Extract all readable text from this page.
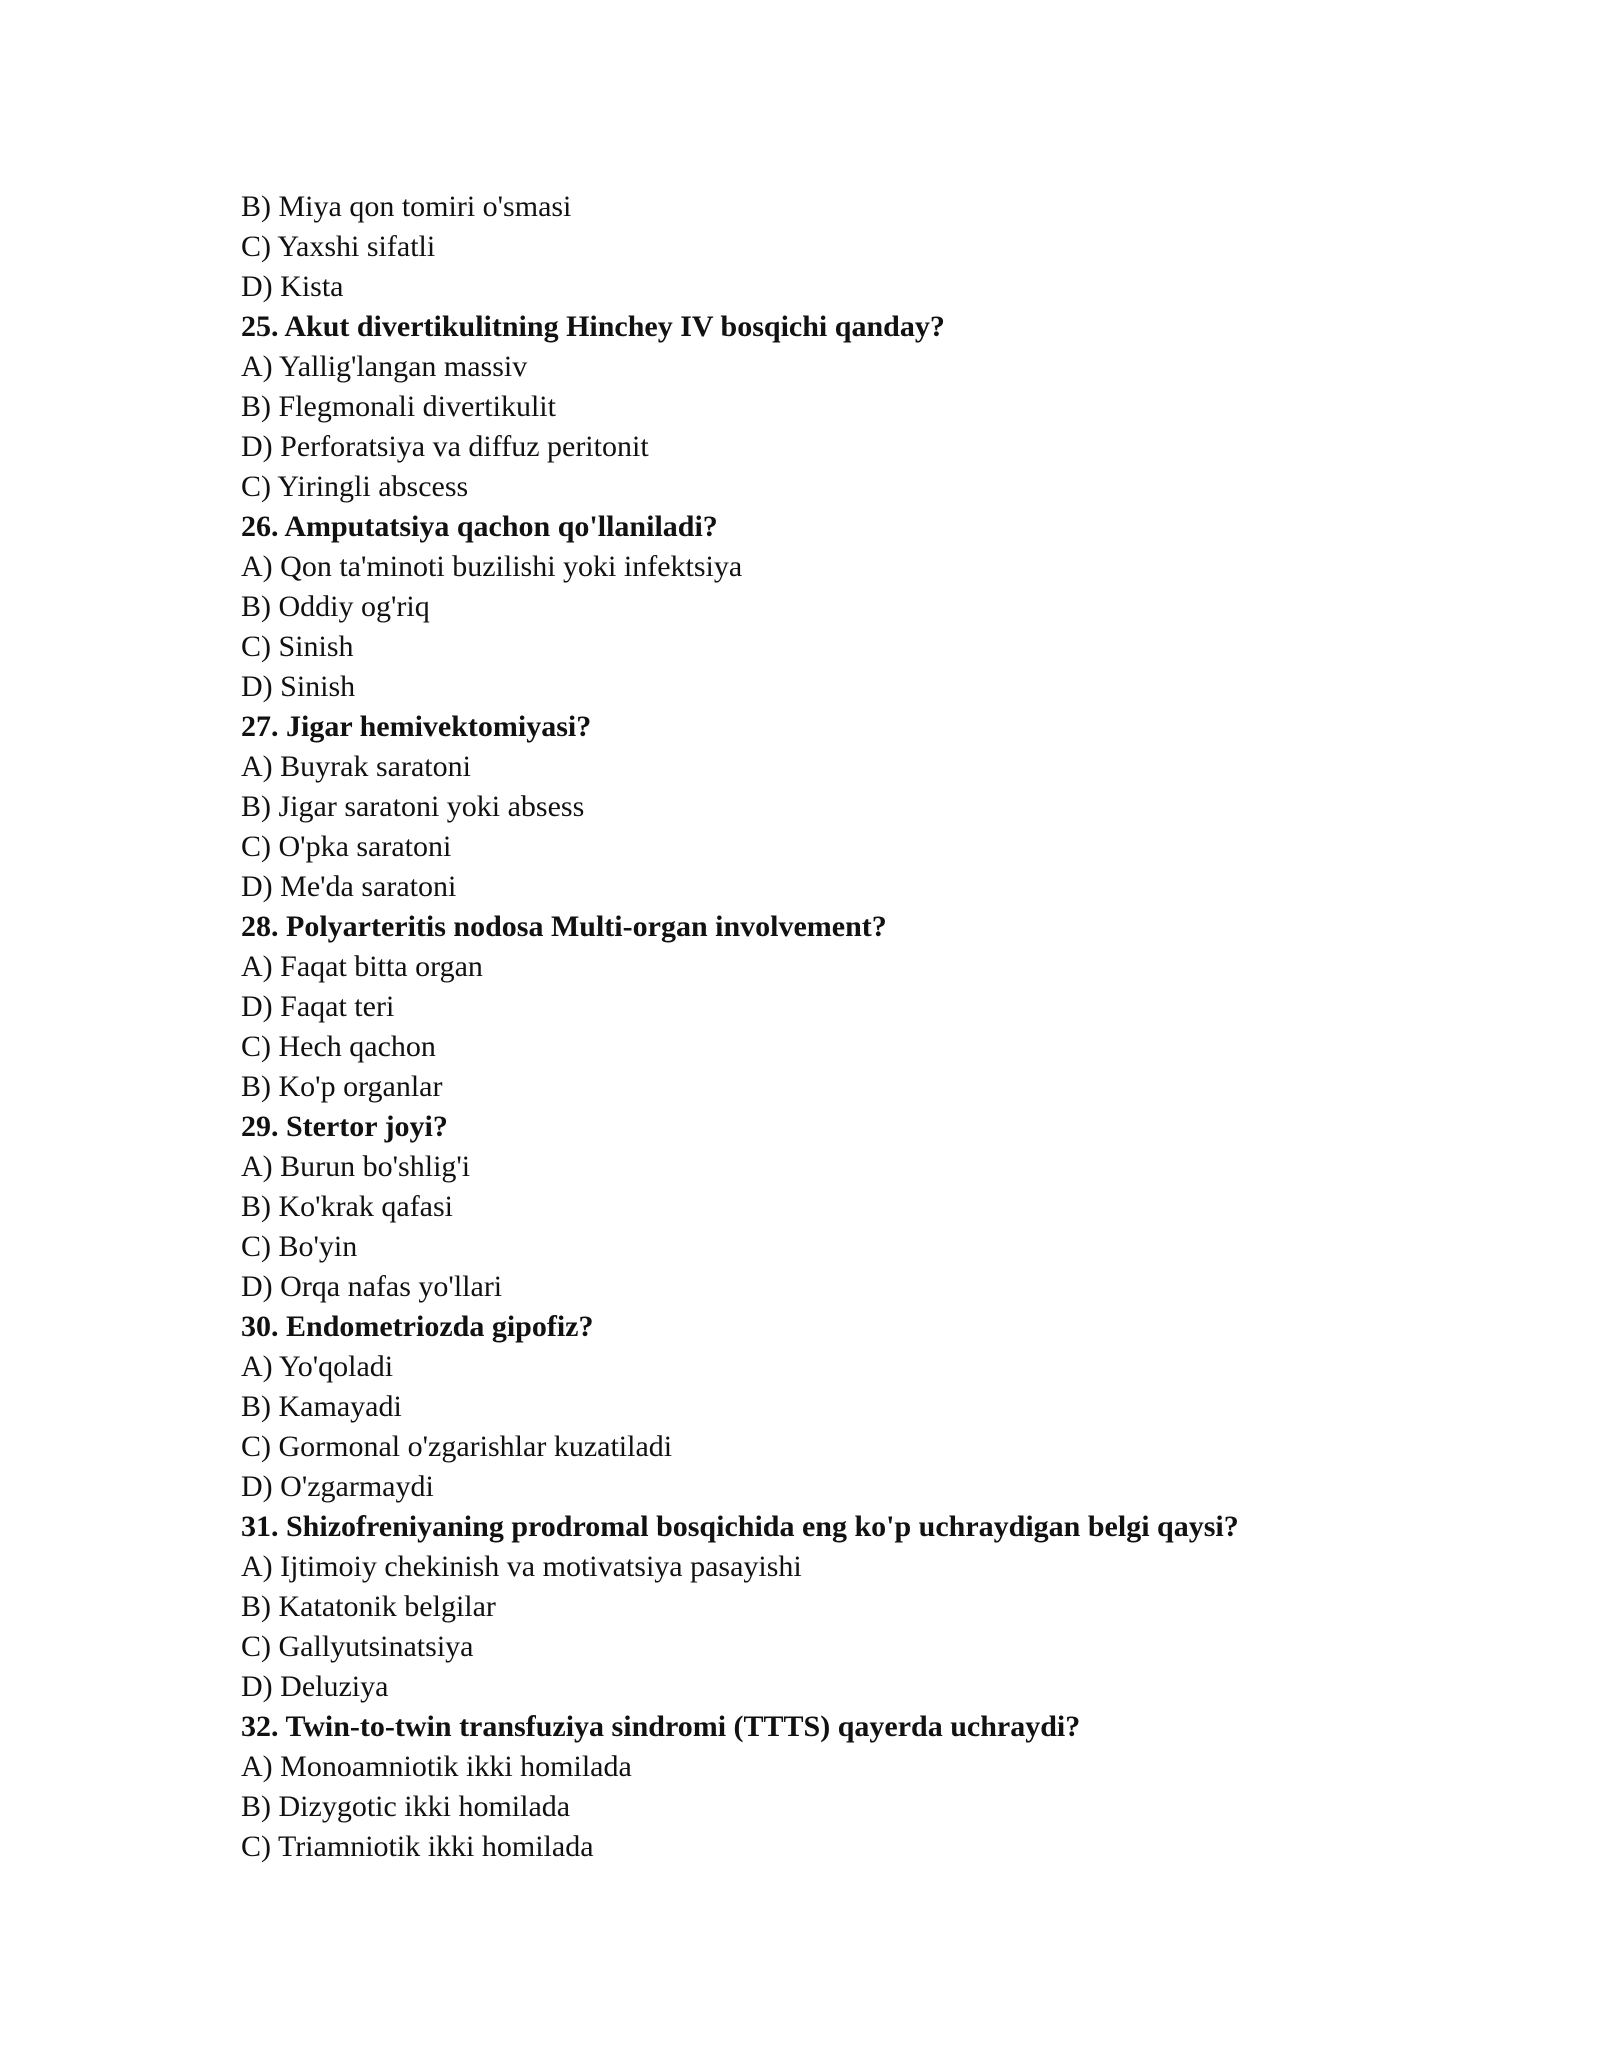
B) Miya qon tomiri o'smasi
C) Yaxshi sifatli
D) Kista
25. Akut divertikulitning Hinchey IV bosqichi qanday?
A) Yallig'langan massiv
B) Flegmonali divertikulit
D) Perforatsiya va diffuz peritonit
C) Yiringli abscess
26. Amputatsiya qachon qo'llaniladi?
A) Qon ta'minoti buzilishi yoki infektsiya
B) Oddiy og'riq
C) Sinish
D) Sinish
27. Jigar hemivektomiyasi?
A) Buyrak saratoni
B) Jigar saratoni yoki absess
C) O'pka saratoni
D) Me'da saratoni
28. Polyarteritis nodosa Multi-organ involvement?
A) Faqat bitta organ
D) Faqat teri
C) Hech qachon
B) Ko'p organlar
29. Stertor joyi?
A) Burun bo'shlig'i
B) Ko'krak qafasi
C) Bo'yin
D) Orqa nafas yo'llari
30. Endometriozda gipofiz?
A) Yo'qoladi
B) Kamayadi
C) Gormonal o'zgarishlar kuzatiladi
D) O'zgarmaydi
31. Shizofreniyaning prodromal bosqichida eng ko'p uchraydigan belgi qaysi?
A) Ijtimoiy chekinish va motivatsiya pasayishi
B) Katatonik belgilar
C) Gallyutsinatsiya
D) Deluziya
32. Twin-to-twin transfuziya sindromi (TTTS) qayerda uchraydi?
A) Monoamniotik ikki homilada
B) Dizygotic ikki homilada
C) Triamniotik ikki homilada
